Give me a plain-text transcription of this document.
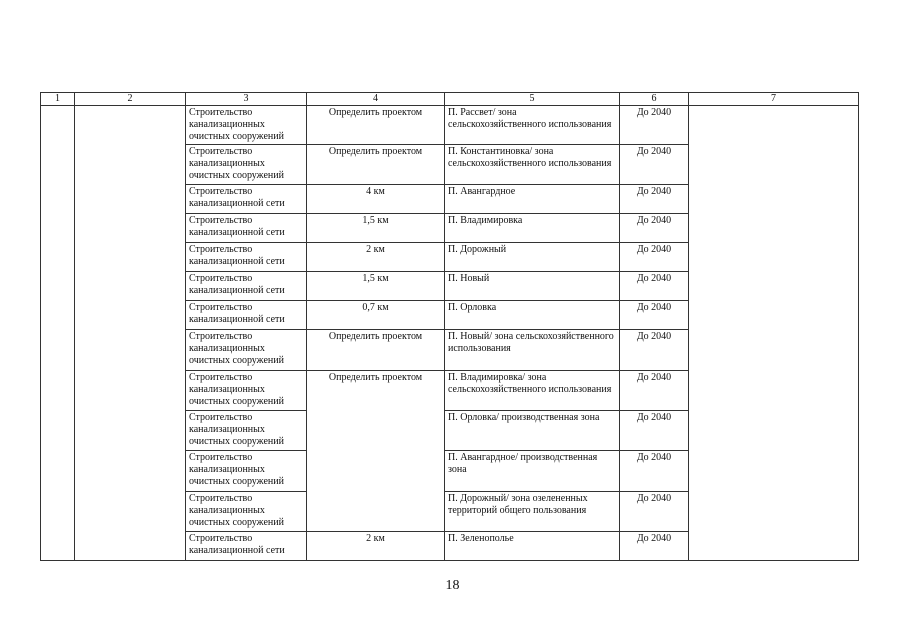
1	2	3	4	5	6	7
		Строительство канализационных очистных сооружений	Определить проектом	П. Рассвет/ зона сельскохозяйственного использования	До 2040	
		Строительство канализационных очистных сооружений	Определить проектом	П. Константиновка/ зона сельскохозяйственного использования	До 2040	
		Строительство канализационной сети	4 км	П. Авангардное	До 2040	
		Строительство канализационной сети	1,5 км	П. Владимировка	До 2040	
		Строительство канализационной сети	2 км	П. Дорожный	До 2040	
		Строительство канализационной сети	1,5 км	П. Новый	До 2040	
		Строительство канализационной сети	0,7 км	П. Орловка	До 2040	
		Строительство канализационных очистных сооружений	Определить проектом	П. Новый/ зона сельскохозяйственного использования	До 2040	
		Строительство канализационных очистных сооружений	Определить проектом	П. Владимировка/ зона сельскохозяйственного использования	До 2040	
		Строительство канализационных очистных сооружений		П. Орловка/ производственная зона	До 2040	
		Строительство канализационных очистных сооружений		П. Авангардное/ производственная зона	До 2040	
		Строительство канализационных очистных сооружений		П. Дорожный/ зона озелененных территорий общего пользования	До 2040	
		Строительство канализационной сети	2 км	П. Зеленополье	До 2040	
18
